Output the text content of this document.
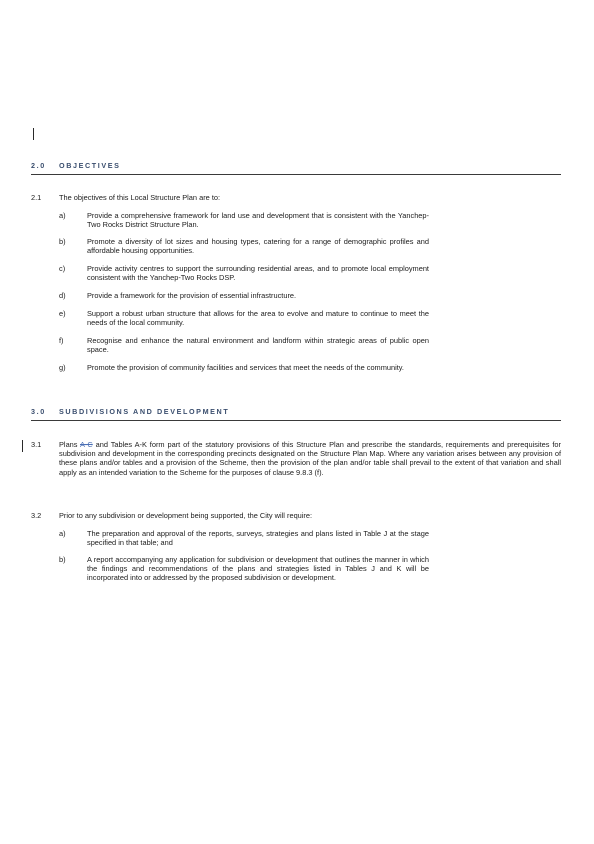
2.0 OBJECTIVES
2.1 The objectives of this Local Structure Plan are to:
a)	Provide a comprehensive framework for land use and development that is consistent with the Yanchep-Two Rocks District Structure Plan.
b)	Promote a diversity of lot sizes and housing types, catering for a range of demographic profiles and affordable housing opportunities.
c)	Provide activity centres to support the surrounding residential areas, and to promote local employment consistent with the Yanchep-Two Rocks DSP.
d)	Provide a framework for the provision of essential infrastructure.
e)	Support a robust urban structure that allows for the area to evolve and mature to continue to meet the needs of the local community.
f)	Recognise and enhance the natural environment and landform within strategic areas of public open space.
g)	Promote the provision of community facilities and services that meet the needs of the community.
3.0 SUBDIVISIONS AND DEVELOPMENT
3.1 Plans A-C and Tables A-K form part of the statutory provisions of this Structure Plan and prescribe the standards, requirements and prerequisites for subdivision and development in the corresponding precincts designated on the Structure Plan Map. Where any variation arises between any provision of these plans and/or tables and a provision of the Scheme, then the provision of the plan and/or table shall prevail to the extent of that variation and shall apply as an intended variation to the Scheme for the purposes of clause 9.8.3 (f).
3.2 Prior to any subdivision or development being supported, the City will require:
a)	The preparation and approval of the reports, surveys, strategies and plans listed in Table J at the stage specified in that table; and
b)	A report accompanying any application for subdivision or development that outlines the manner in which the findings and recommendations of the plans and strategies listed in Tables J and K will be incorporated into or addressed by the proposed subdivision or development.
